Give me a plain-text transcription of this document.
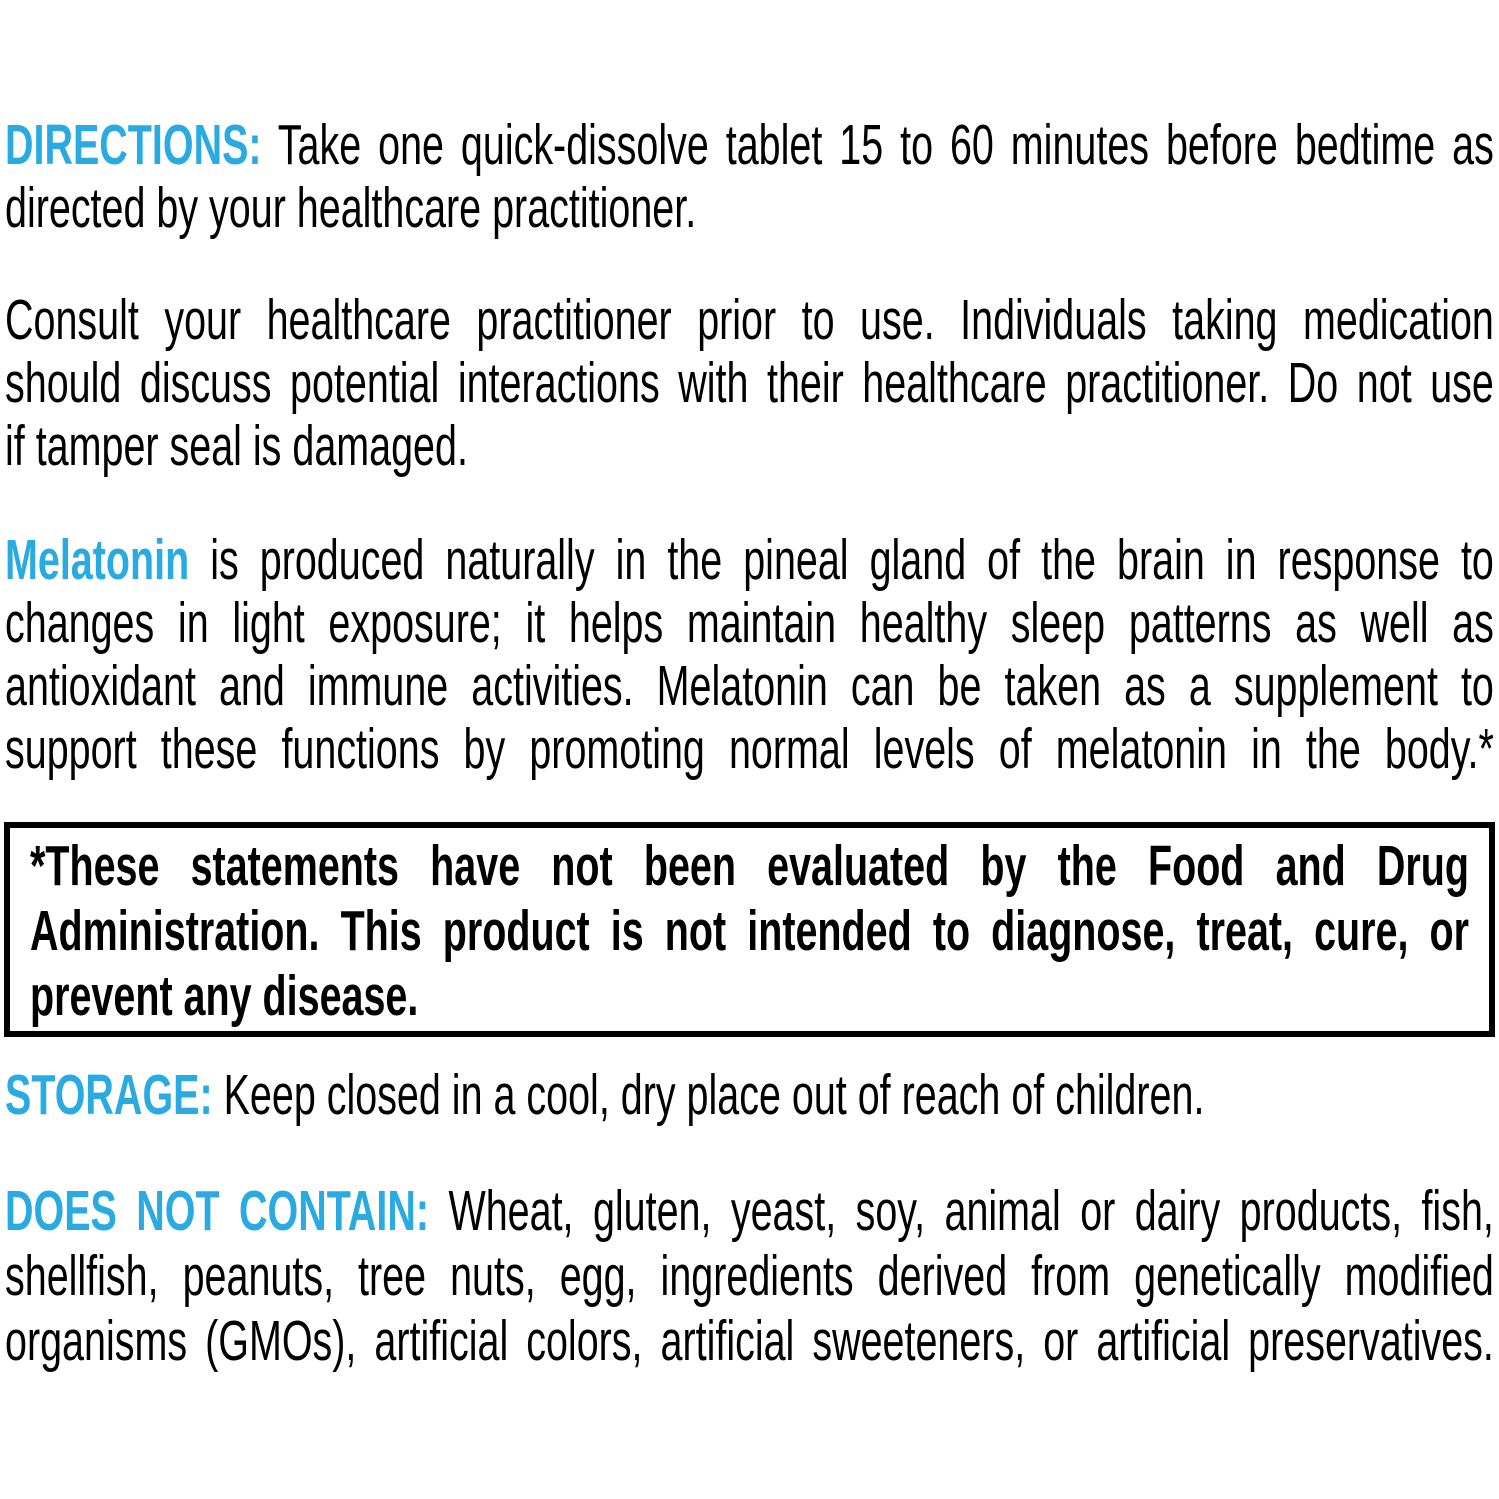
DIRECTIONS: Take one quick-dissolve tablet 15 to 60 minutes before bedtime as
directed by your healthcare practitioner.
Consult your healthcare practitioner prior to use. Individuals taking medication
should discuss potential interactions with their healthcare practitioner. Do not use
if tamper seal is damaged.
Melatonin is produced naturally in the pineal gland of the brain in response to
changes in light exposure; it helps maintain healthy sleep patterns as well as
antioxidant and immune activities. Melatonin can be taken as a supplement to
support these functions by promoting normal levels of melatonin in the body.*
*These statements have not been evaluated by the Food and Drug
Administration. This product is not intended to diagnose, treat, cure, or
prevent any disease.
STORAGE: Keep closed in a cool, dry place out of reach of children.
DOES NOT CONTAIN: Wheat, gluten, yeast, soy, animal or dairy products, fish,
shellfish, peanuts, tree nuts, egg, ingredients derived from genetically modified
organisms (GMOs), artificial colors, artificial sweeteners, or artificial preservatives.
